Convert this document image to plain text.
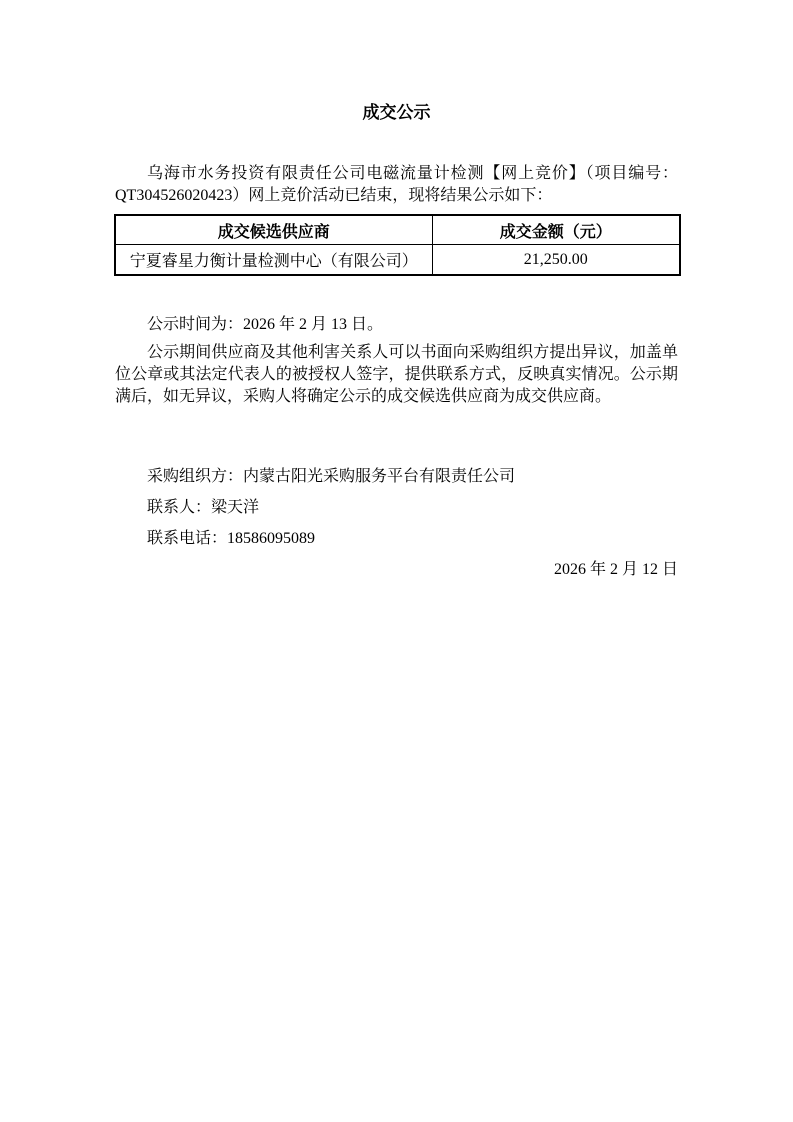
成交公示

乌海市水务投资有限责任公司电磁流量计检测【网上竞价】（项目编号：QT304526020423）网上竞价活动已结束，现将结果公示如下：

成交候选供应商	成交金额（元）
宁夏睿星力衡计量检测中心（有限公司）	21,250.00

公示时间为：2026 年 2 月 13 日。

公示期间供应商及其他利害关系人可以书面向采购组织方提出异议，加盖单位公章或其法定代表人的被授权人签字，提供联系方式，反映真实情况。公示期满后，如无异议，采购人将确定公示的成交候选供应商为成交供应商。

采购组织方：内蒙古阳光采购服务平台有限责任公司

联系人：梁天洋

联系电话：18586095089

2026 年 2 月 12 日
